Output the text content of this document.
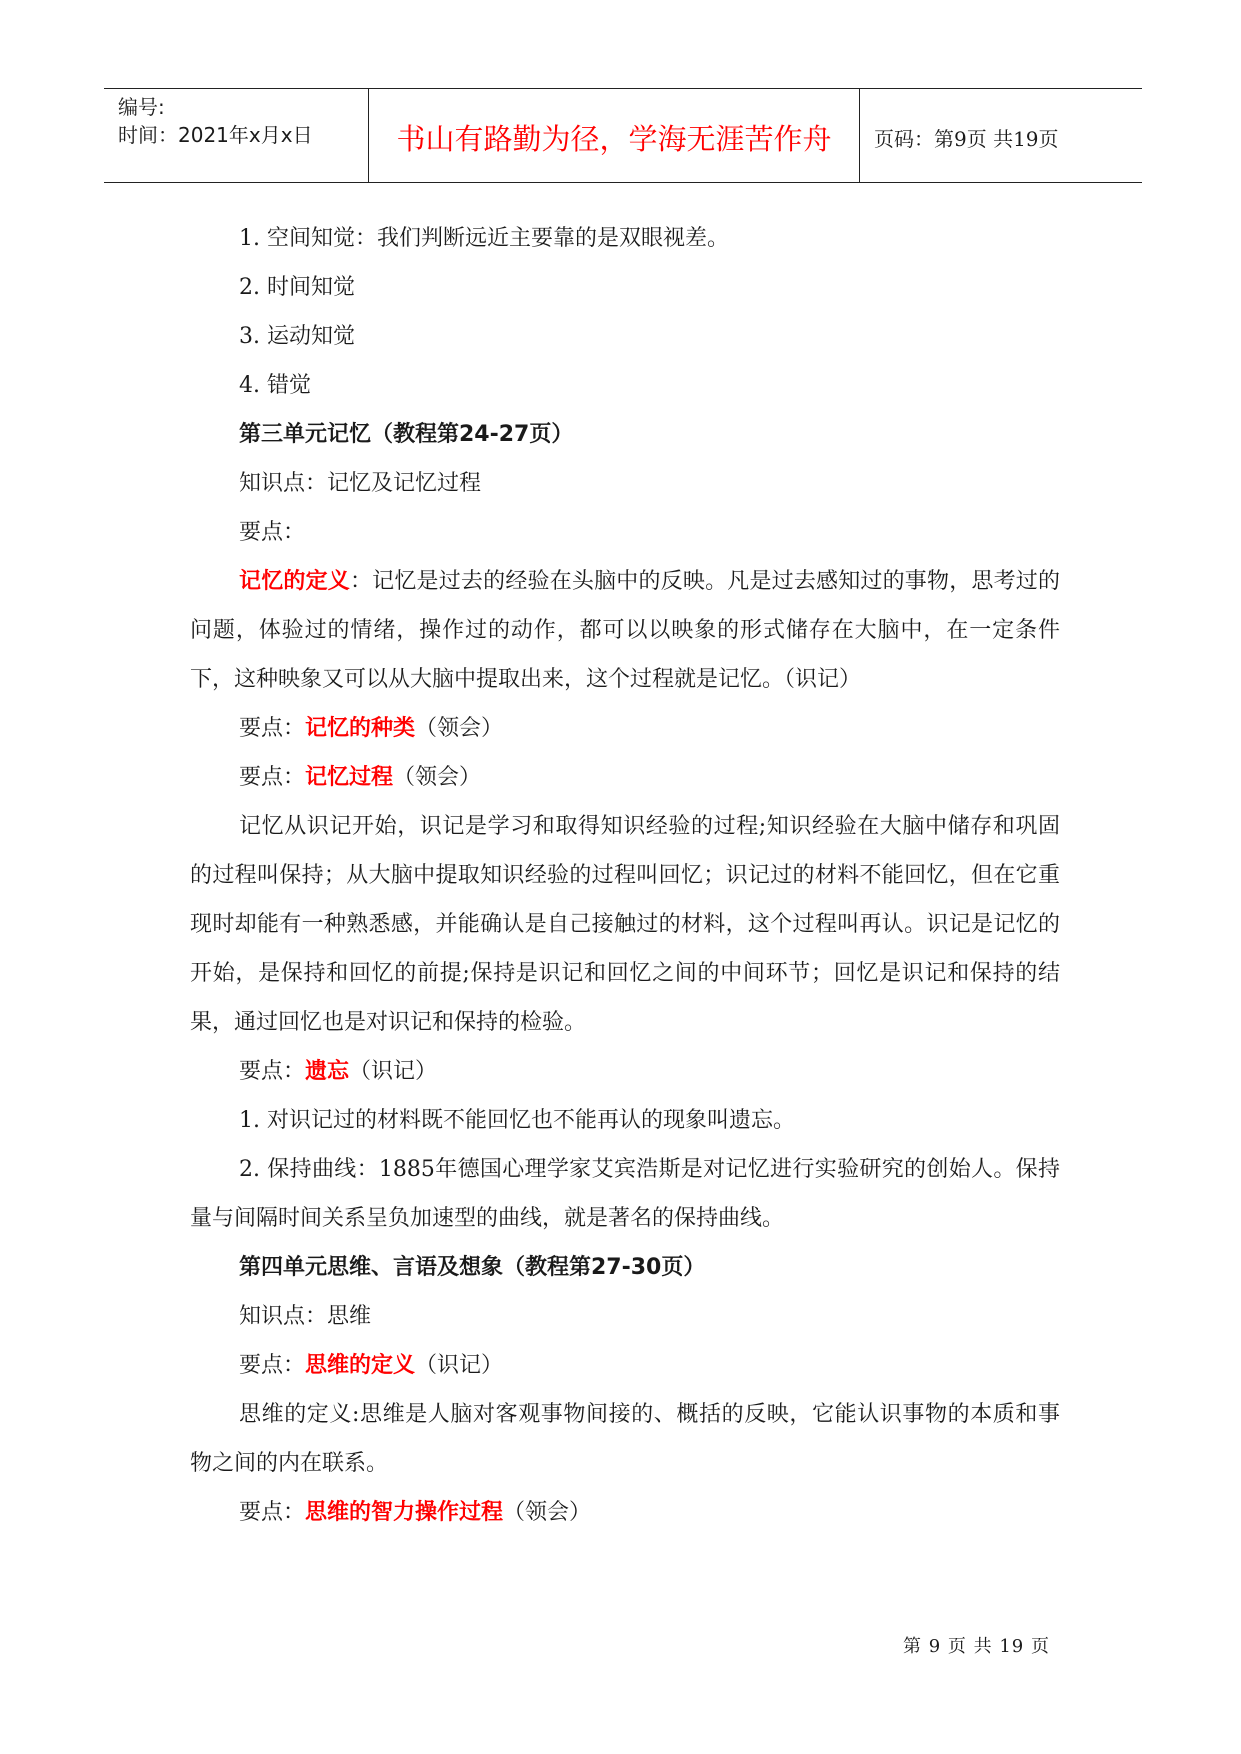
编号:
时间：2021年x月x日	书山有路勤为径，学海无涯苦作舟 页码：第9页 共19页
1. 空间知觉：我们判断远近主要靠的是双眼视差。
2. 时间知觉
3. 运动知觉
4. 错觉
第三单元记忆（教程第24-27页）
知识点：记忆及记忆过程
要点：
记忆的定义：记忆是过去的经验在头脑中的反映。凡是过去感知过的事物，思考过的问题，体验过的情绪，操作过的动作，都可以以映象的形式储存在大脑中，在一定条件下，这种映象又可以从大脑中提取出来，这个过程就是记忆。（识记）
要点：记忆的种类（领会）
要点：记忆过程（领会）
记忆从识记开始，识记是学习和取得知识经验的过程;知识经验在大脑中储存和巩固的过程叫保持；从大脑中提取知识经验的过程叫回忆；识记过的材料不能回忆，但在它重现时却能有一种熟悉感，并能确认是自己接触过的材料，这个过程叫再认。识记是记忆的开始，是保持和回忆的前提;保持是识记和回忆之间的中间环节；回忆是识记和保持的结果，通过回忆也是对识记和保持的检验。
要点：遗忘（识记）
1. 对识记过的材料既不能回忆也不能再认的现象叫遗忘。
2. 保持曲线：1885年德国心理学家艾宾浩斯是对记忆进行实验研究的创始人。保持量与间隔时间关系呈负加速型的曲线，就是著名的保持曲线。
第四单元思维、言语及想象（教程第27-30页）
知识点：思维
要点：思维的定义（识记）
思维的定义:思维是人脑对客观事物间接的、概括的反映，它能认识事物的本质和事物之间的内在联系。
要点：思维的智力操作过程（领会）
第 9 页 共 19 页
